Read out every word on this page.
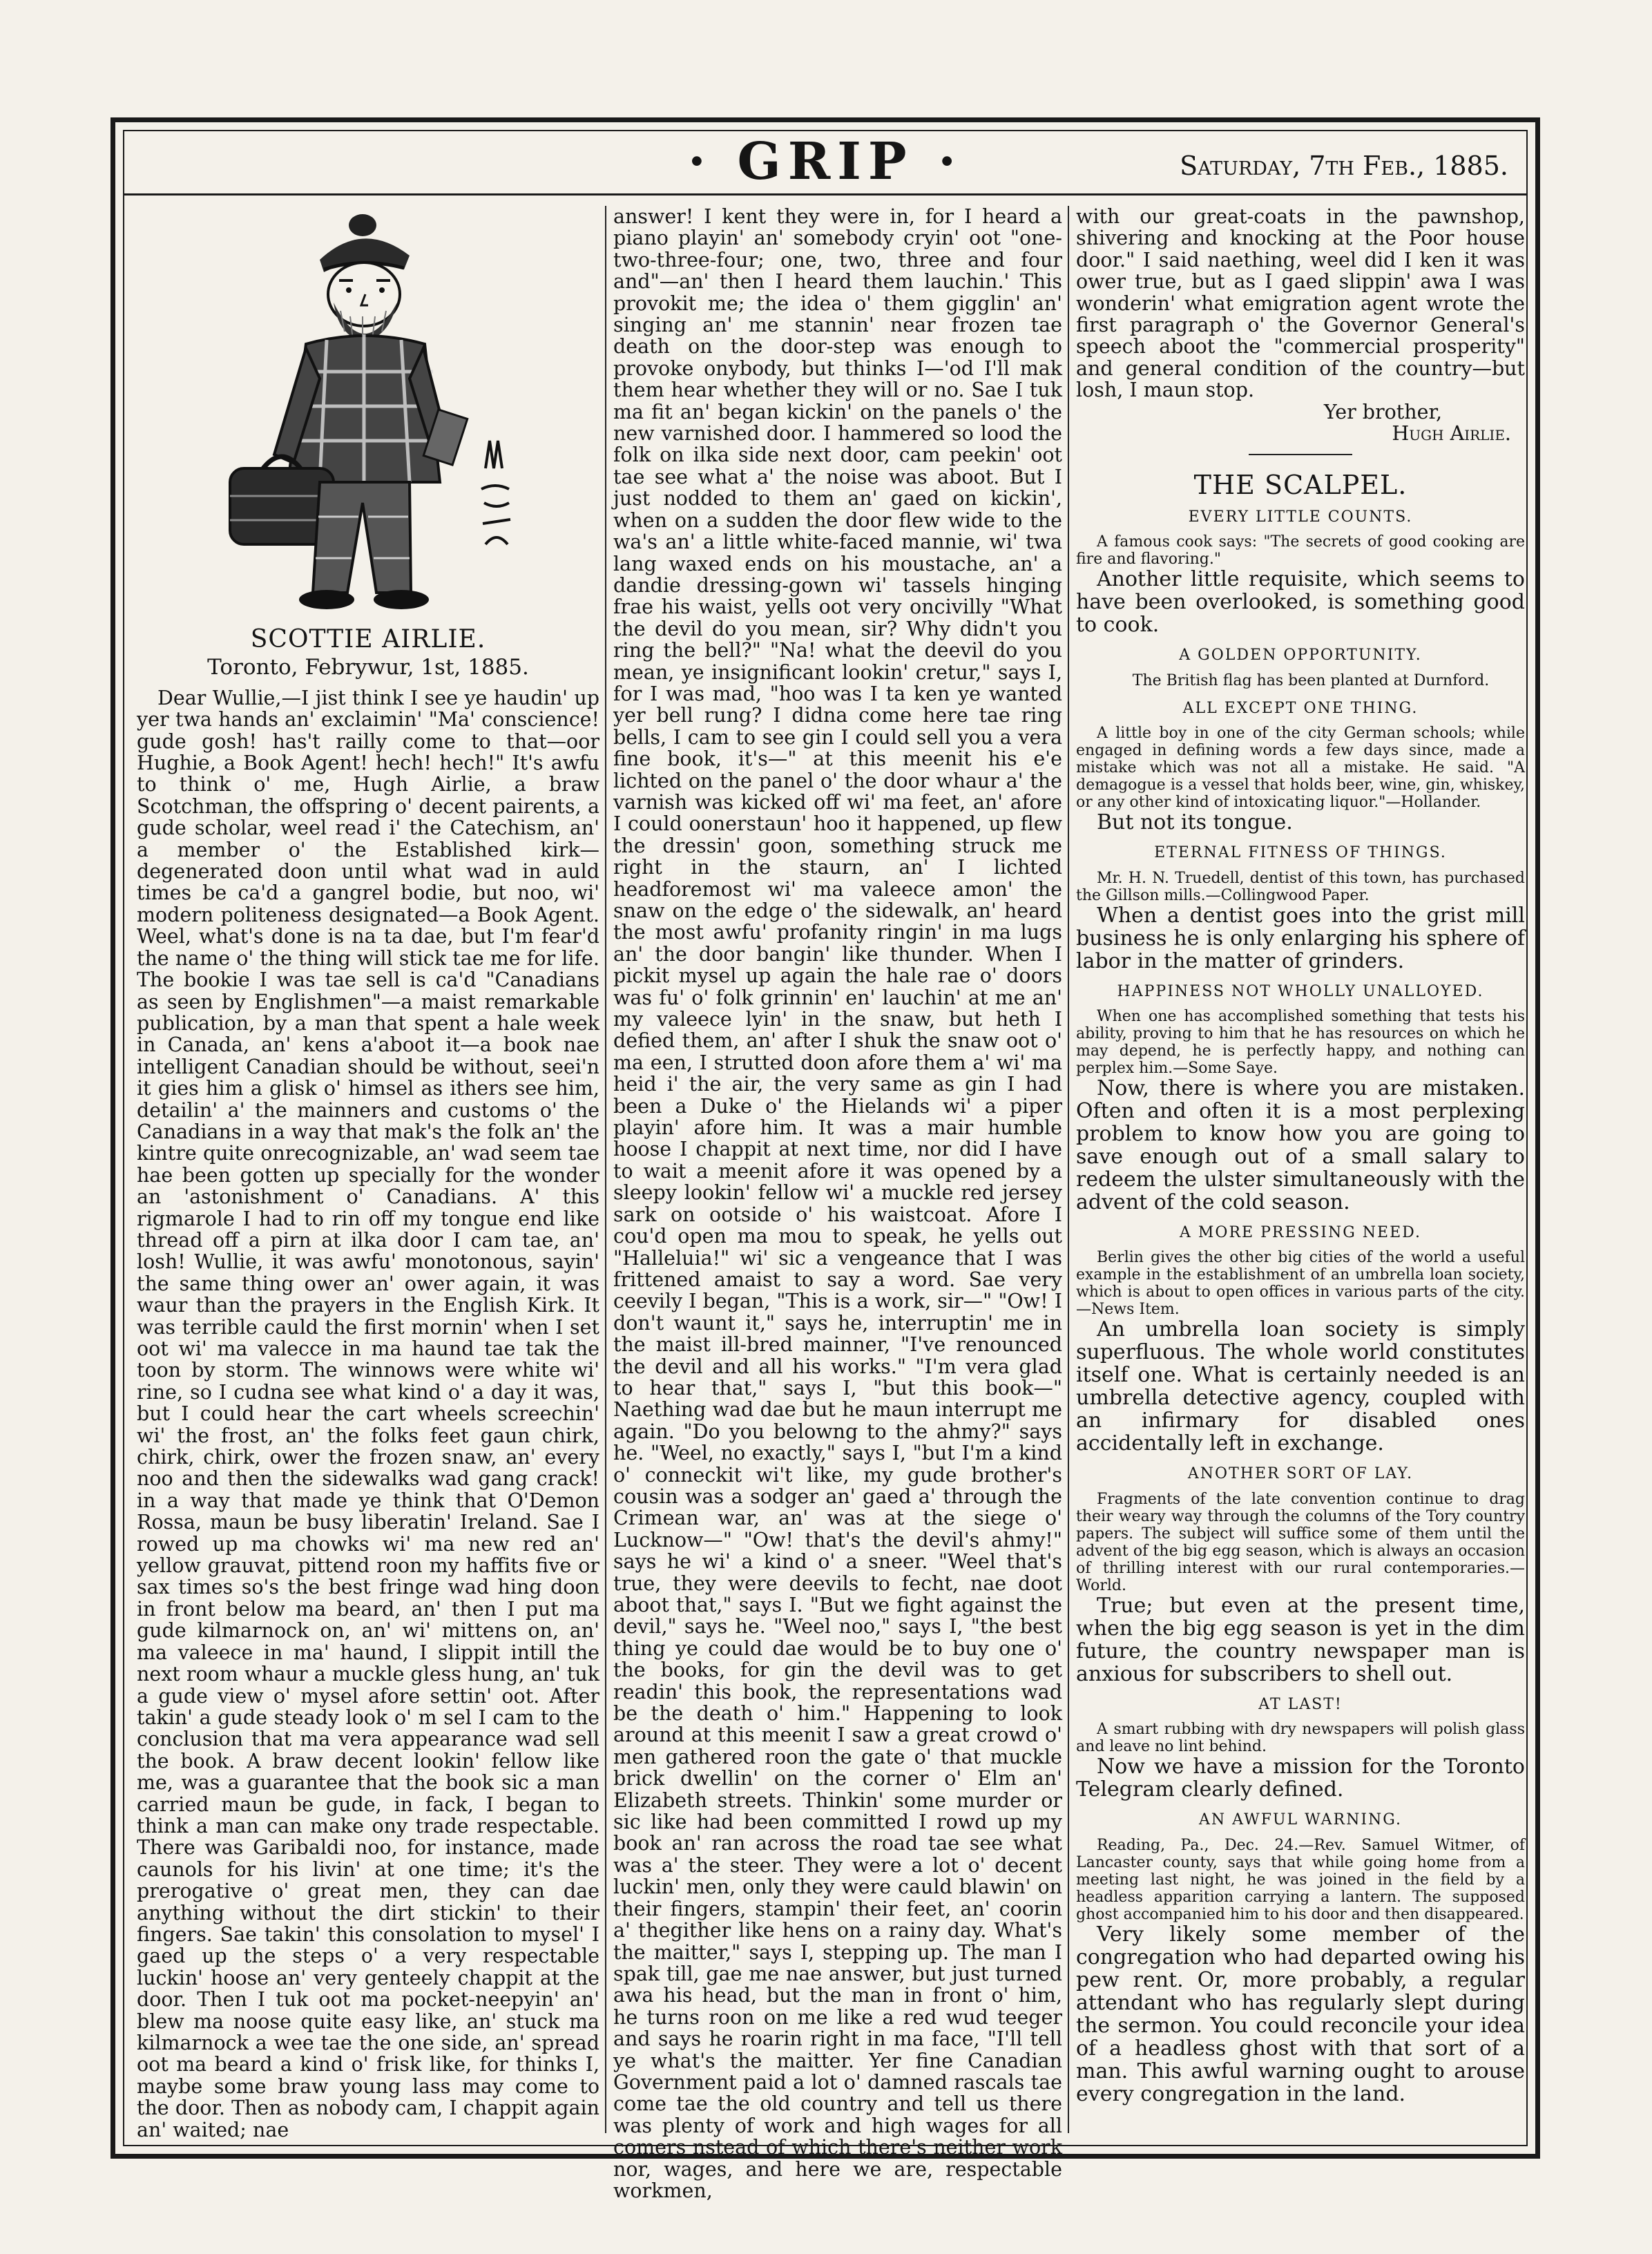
· GRIP ·	Saturday, 7th Feb., 1885.
SCOTTIE AIRLIE.
Toronto, Febrywur, 1st, 1885.

Dear Wullie,—I jist think I see ye haudin' up yer twa hands an' exclaimin' "Ma' conscience! gude gosh! has't railly come to that—oor Hughie, a Book Agent! hech! hech!" It's awfu to think o' me, Hugh Airlie, a braw Scotchman, the offspring o' decent pairents, a gude scholar, weel read i' the Catechism, an' a member o' the Established kirk—degenerated doon until what wad in auld times be ca'd a gangrel bodie, but noo, wi' modern politeness designated—a Book Agent. Weel, what's done is na ta dae, but I'm fear'd the name o' the thing will stick tae me for life. The bookie I was tae sell is ca'd "Canadians as seen by Englishmen"—a maist remarkable publication, by a man that spent a hale week in Canada, an' kens a'aboot it—a book nae intelligent Canadian should be without, seei'n it gies him a glisk o' himsel as ithers see him, detailin' a' the mainners and customs o' the Canadians in a way that mak's the folk an' the kintre quite onrecognizable, an' wad seem tae hae been gotten up specially for the wonder an 'astonishment o' Canadians. A' this rigmarole I had to rin off my tongue end like thread off a pirn at ilka door I cam tae, an' losh! Wullie, it was awfu' monotonous, sayin' the same thing ower an' ower again, it was waur than the prayers in the English Kirk. It was terrible cauld the first mornin' when I set oot wi' ma valecce in ma haund tae tak the toon by storm. The winnows were white wi' rine, so I cudna see what kind o' a day it was, but I could hear the cart wheels screechin' wi' the frost, an' the folks feet gaun chirk, chirk, chirk, ower the frozen snaw, an' every noo and then the sidewalks wad gang crack! in a way that made ye think that O'Demon Rossa, maun be busy liberatin' Ireland. Sae I rowed up ma chowks wi' ma new red an' yellow grauvat, pittend roon my haffits five or sax times so's the best fringe wad hing doon in front below ma beard, an' then I put ma gude kilmarnock on, an' wi' mittens on, an' ma valeece in ma' haund, I slippit intill the next room whaur a muckle gless hung, an' tuk a gude view o' mysel afore settin' oot. After takin' a gude steady look o' m sel I cam to the conclusion that ma vera appearance wad sell the book. A braw decent lookin' fellow like me, was a guarantee that the book sic a man carried maun be gude, in fack, I began to think a man can make ony trade respectable. There was Garibaldi noo, for instance, made caunols for his livin' at one time; it's the prerogative o' great men, they can dae anything without the dirt stickin' to their fingers. Sae takin' this consolation to mysel' I gaed up the steps o' a very respectable luckin' hoose an' very genteely chappit at the door. Then I tuk oot ma pocket-neepyin' an' blew ma noose quite easy like, an' stuck ma kilmarnock a wee tae the one side, an' spread oot ma beard a kind o' frisk like, for thinks I, maybe some braw young lass may come to the door. Then as nobody cam, I chappit again an' waited; nae

answer! I kent they were in, for I heard a piano playin' an' somebody cryin' oot "one-two-three-four; one, two, three and four and"—an' then I heard them lauchin.' This provokit me; the idea o' them gigglin' an' singing an' me stannin' near frozen tae death on the door-step was enough to provoke onybody, but thinks I—'od I'll mak them hear whether they will or no. Sae I tuk ma fit an' began kickin' on the panels o' the new varnished door. I hammered so lood the folk on ilka side next door, cam peekin' oot tae see what a' the noise was aboot. But I just nodded to them an' gaed on kickin', when on a sudden the door flew wide to the wa's an' a little white-faced mannie, wi' twa lang waxed ends on his moustache, an' a dandie dressing-gown wi' tassels hinging frae his waist, yells oot very oncivilly "What the devil do you mean, sir? Why didn't you ring the bell?" "Na! what the deevil do you mean, ye insignificant lookin' cretur," says I, for I was mad, "hoo was I ta ken ye wanted yer bell rung? I didna come here tae ring bells, I cam to see gin I could sell you a vera fine book, it's—" at this meenit his e'e lichted on the panel o' the door whaur a' the varnish was kicked off wi' ma feet, an' afore I could oonerstaun' hoo it happened, up flew the dressin' goon, something struck me right in the staurn, an' I lichted headforemost wi' ma valeece amon' the snaw on the edge o' the sidewalk, an' heard the most awfu' profanity ringin' in ma lugs an' the door bangin' like thunder. When I pickit mysel up again the hale rae o' doors was fu' o' folk grinnin' en' lauchin' at me an' my valeece lyin' in the snaw, but heth I defied them, an' after I shuk the snaw oot o' ma een, I strutted doon afore them a' wi' ma heid i' the air, the very same as gin I had been a Duke o' the Hielands wi' a piper playin' afore him. It was a mair humble hoose I chappit at next time, nor did I have to wait a meenit afore it was opened by a sleepy lookin' fellow wi' a muckle red jersey sark on ootside o' his waistcoat. Afore I cou'd open ma mou to speak, he yells out "Halleluia!" wi' sic a vengeance that I was frittened amaist to say a word. Sae very ceevily I began, "This is a work, sir—" "Ow! I don't waunt it," says he, interruptin' me in the maist ill-bred mainner, "I've renounced the devil and all his works." "I'm vera glad to hear that," says I, "but this book—" Naething wad dae but he maun interrupt me again. "Do you belowng to the ahmy?" says he. "Weel, no exactly," says I, "but I'm a kind o' conneckit wi't like, my gude brother's cousin was a sodger an' gaed a' through the Crimean war, an' was at the siege o' Lucknow—" "Ow! that's the devil's ahmy!" says he wi' a kind o' a sneer. "Weel that's true, they were deevils to fecht, nae doot aboot that," says I. "But we fight against the devil," says he. "Weel noo," says I, "the best thing ye could dae would be to buy one o' the books, for gin the devil was to get readin' this book, the representations wad be the death o' him." Happening to look around at this meenit I saw a great crowd o' men gathered roon the gate o' that muckle brick dwellin' on the corner o' Elm an' Elizabeth streets. Thinkin' some murder or sic like had been committed I rowd up my book an' ran across the road tae see what was a' the steer. They were a lot o' decent luckin' men, only they were cauld blawin' on their fingers, stampin' their feet, an' coorin a' thegither like hens on a rainy day. What's the maitter," says I, stepping up. The man I spak till, gae me nae answer, but just turned awa his head, but the man in front o' him, he turns roon on me like a red wud teeger and says he roarin right in ma face, "I'll tell ye what's the maitter. Yer fine Canadian Government paid a lot o' damned rascals tae come tae the old country and tell us there was plenty of work and high wages for all comers nstead of which there's neither work nor, wages, and here we are, respectable workmen,

with our great-coats in the pawnshop, shivering and knocking at the Poor house door." I said naething, weel did I ken it was ower true, but as I gaed slippin' awa I was wonderin' what emigration agent wrote the first paragraph o' the Governor General's speech aboot the "commercial prosperity" and general condition of the country—but losh, I maun stop.

Yer brother,

Hugh Airlie.

THE SCALPEL.
EVERY LITTLE COUNTS.

A famous cook says: "The secrets of good cooking are fire and flavoring."

Another little requisite, which seems to have been overlooked, is something good to cook.

A GOLDEN OPPORTUNITY.

The British flag has been planted at Durnford.

ALL EXCEPT ONE THING.

A little boy in one of the city German schools; while engaged in defining words a few days since, made a mistake which was not all a mistake. He said. "A demagogue is a vessel that holds beer, wine, gin, whiskey, or any other kind of intoxicating liquor."—Hollander.

But not its tongue.

ETERNAL FITNESS OF THINGS.

Mr. H. N. Truedell, dentist of this town, has purchased the Gillson mills.—Collingwood Paper.

When a dentist goes into the grist mill business he is only enlarging his sphere of labor in the matter of grinders.

HAPPINESS NOT WHOLLY UNALLOYED.

When one has accomplished something that tests his ability, proving to him that he has resources on which he may depend, he is perfectly happy, and nothing can perplex him.—Some Saye.

Now, there is where you are mistaken. Often and often it is a most perplexing problem to know how you are going to save enough out of a small salary to redeem the ulster simultaneously with the advent of the cold season.

A MORE PRESSING NEED.

Berlin gives the other big cities of the world a useful example in the establishment of an umbrella loan society, which is about to open offices in various parts of the city.—News Item.

An umbrella loan society is simply superfluous. The whole world constitutes itself one. What is certainly needed is an umbrella detective agency, coupled with an infirmary for disabled ones accidentally left in exchange.

ANOTHER SORT OF LAY.

Fragments of the late convention continue to drag their weary way through the columns of the Tory country papers. The subject will suffice some of them until the advent of the big egg season, which is always an occasion of thrilling interest with our rural contemporaries.—World.

True; but even at the present time, when the big egg season is yet in the dim future, the country newspaper man is anxious for subscribers to shell out.

AT LAST!

A smart rubbing with dry newspapers will polish glass and leave no lint behind.

Now we have a mission for the Toronto Telegram clearly defined.

AN AWFUL WARNING.

Reading, Pa., Dec. 24.—Rev. Samuel Witmer, of Lancaster county, says that while going home from a meeting last night, he was joined in the field by a headless apparition carrying a lantern. The supposed ghost accompanied him to his door and then disappeared.

Very likely some member of the congregation who had departed owing his pew rent. Or, more probably, a regular attendant who has regularly slept during the sermon. You could reconcile your idea of a headless ghost with that sort of a man. This awful warning ought to arouse every congregation in the land.
